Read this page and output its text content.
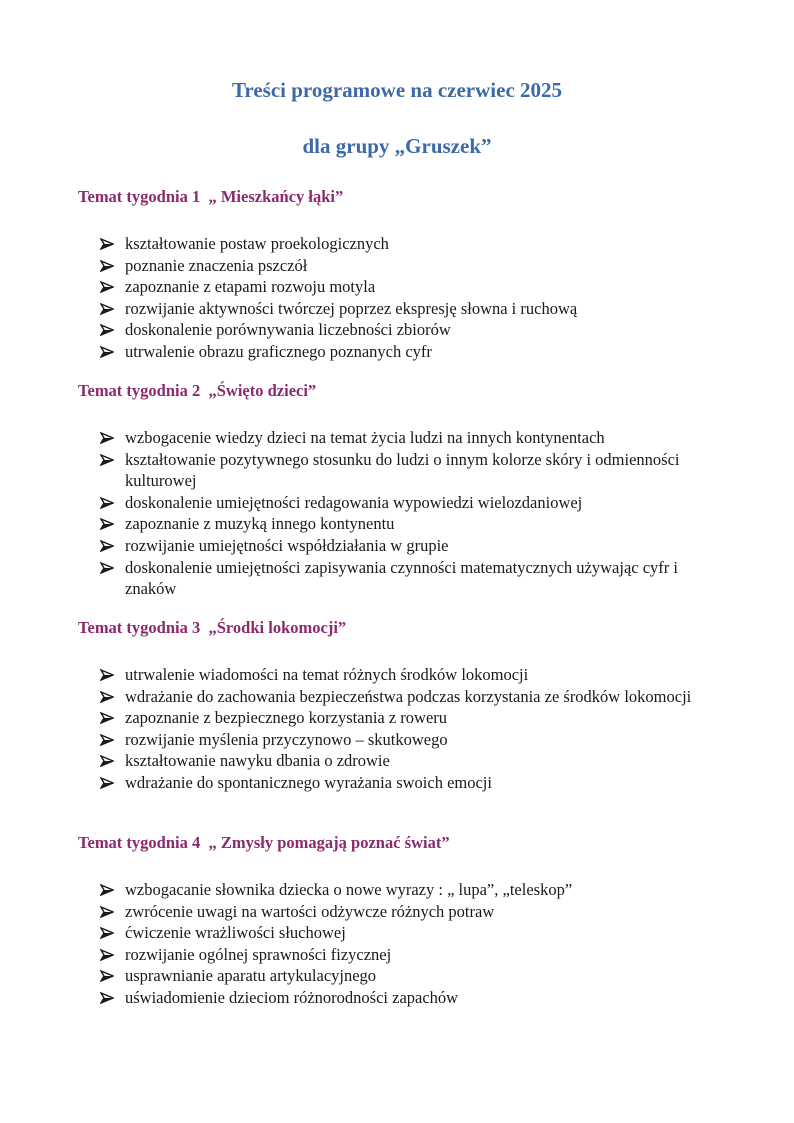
Treści programowe na czerwiec 2025
dla grupy „Gruszek”

Temat tygodnia 1  „ Mieszkańcy łąki”

kształtowanie postaw proekologicznych
poznanie znaczenia pszczół
zapoznanie z etapami rozwoju motyla
rozwijanie aktywności twórczej poprzez ekspresję słowna i ruchową
doskonalenie porównywania liczebności zbiorów
utrwalenie obrazu graficznego poznanych cyfr

Temat tygodnia 2  „Święto dzieci”

wzbogacenie wiedzy dzieci na temat życia ludzi na innych kontynentach
kształtowanie pozytywnego stosunku do ludzi o innym kolorze skóry i odmienności kulturowej
doskonalenie umiejętności redagowania wypowiedzi wielozdaniowej
zapoznanie z muzyką innego kontynentu
rozwijanie umiejętności współdziałania w grupie
doskonalenie umiejętności zapisywania czynności matematycznych używając cyfr i znaków

Temat tygodnia 3  „Środki lokomocji”

utrwalenie wiadomości na temat różnych środków lokomocji
wdrażanie do zachowania bezpieczeństwa podczas korzystania ze środków lokomocji
zapoznanie z bezpiecznego korzystania z roweru
rozwijanie myślenia przyczynowo – skutkowego
kształtowanie nawyku dbania o zdrowie
wdrażanie do spontanicznego wyrażania swoich emocji

Temat tygodnia 4  „ Zmysły pomagają poznać świat”

wzbogacanie słownika dziecka o nowe wyrazy : „ lupa”, „teleskop”
zwrócenie uwagi na wartości odżywcze różnych potraw
ćwiczenie wrażliwości słuchowej
rozwijanie ogólnej sprawności fizycznej
usprawnianie aparatu artykulacyjnego
uświadomienie dzieciom różnorodności zapachów
